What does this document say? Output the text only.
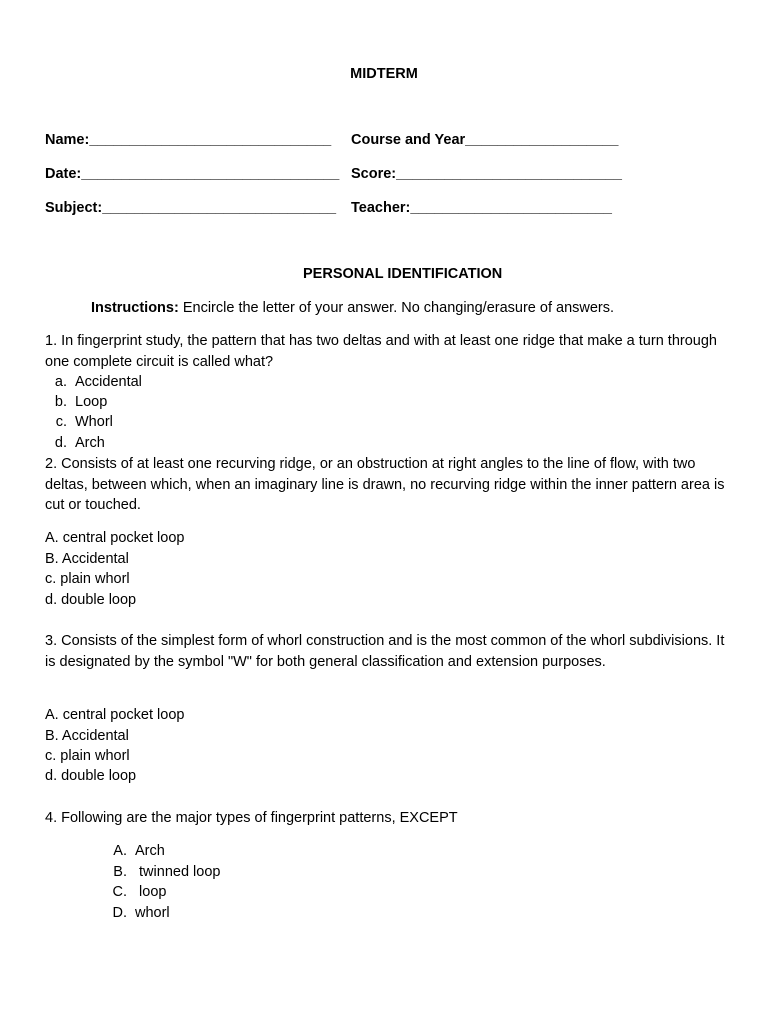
MIDTERM
Name:______________________________ Course and Year___________________
Date:________________________________ Score:____________________________
Subject:_____________________________ Teacher:_________________________
PERSONAL IDENTIFICATION
Instructions: Encircle the letter of your answer. No changing/erasure of answers.
1. In fingerprint study, the pattern that has two deltas and with at least one ridge that make a turn through one complete circuit is called what?
a. Accidental
b. Loop
c. Whorl
d. Arch
2. Consists of at least one recurving ridge, or an obstruction at right angles to the line of flow, with two deltas, between which, when an imaginary line is drawn, no recurving ridge within the inner pattern area is cut or touched.
A. central pocket loop
B. Accidental
c. plain whorl
d. double loop
3. Consists of the simplest form of whorl construction and is the most common of the whorl subdivisions. It is designated by the symbol "W" for both general classification and extension purposes.
A. central pocket loop
B. Accidental
c. plain whorl
d. double loop
4. Following are the major types of fingerprint patterns, EXCEPT
A. Arch
B. twinned loop
C. loop
D. whorl
